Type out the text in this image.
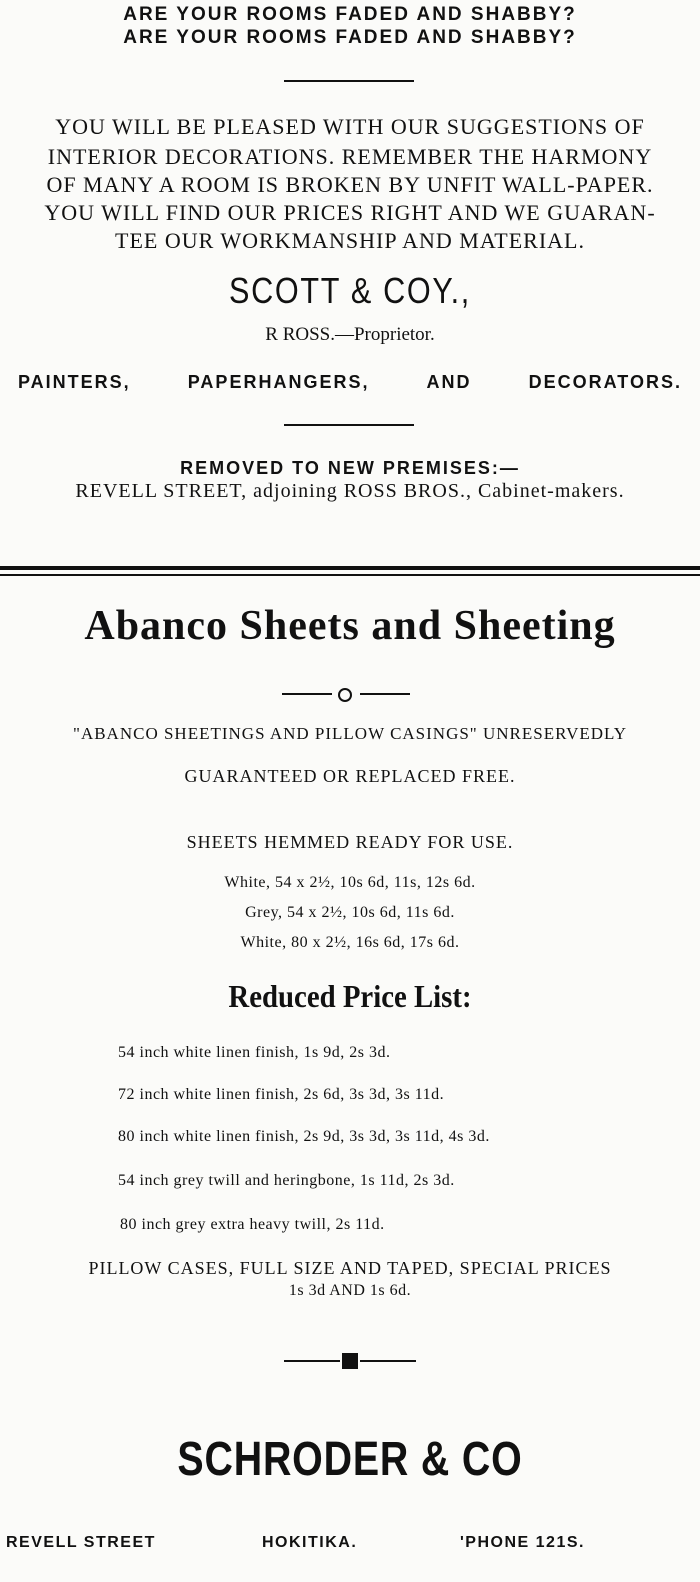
ARE YOUR ROOMS FADED AND SHABBY?
ARE YOUR ROOMS FADED AND SHABBY?
YOU WILL BE PLEASED WITH OUR SUGGESTIONS OF
INTERIOR DECORATIONS. REMEMBER THE HARMONY
OF MANY A ROOM IS BROKEN BY UNFIT WALL-PAPER.
YOU WILL FIND OUR PRICES RIGHT AND WE GUARAN-
TEE OUR WORKMANSHIP AND MATERIAL.
SCOTT & COY.,
R ROSS.—Proprietor.
PAINTERS,	PAPERHANGERS,	AND	DECORATORS.
REMOVED TO NEW PREMISES:—
REVELL STREET, adjoining ROSS BROS., Cabinet-makers.
Abanco Sheets and Sheeting
"ABANCO SHEETINGS AND PILLOW CASINGS" UNRESERVEDLY
GUARANTEED OR REPLACED FREE.
SHEETS HEMMED READY FOR USE.
White, 54 x 2½, 10s 6d, 11s, 12s 6d.
Grey, 54 x 2½, 10s 6d, 11s 6d.
White, 80 x 2½, 16s 6d, 17s 6d.
Reduced Price List:
54 inch white linen finish, 1s 9d, 2s 3d.
72 inch white linen finish, 2s 6d, 3s 3d, 3s 11d.
80 inch white linen finish, 2s 9d, 3s 3d, 3s 11d, 4s 3d.
54 inch grey twill and heringbone, 1s 11d, 2s 3d.
80 inch grey extra heavy twill, 2s 11d.
PILLOW CASES, FULL SIZE AND TAPED, SPECIAL PRICES
1s 3d AND 1s 6d.
SCHRODER & CO
REVELL STREET	HOKITIKA.	'PHONE 121S.
